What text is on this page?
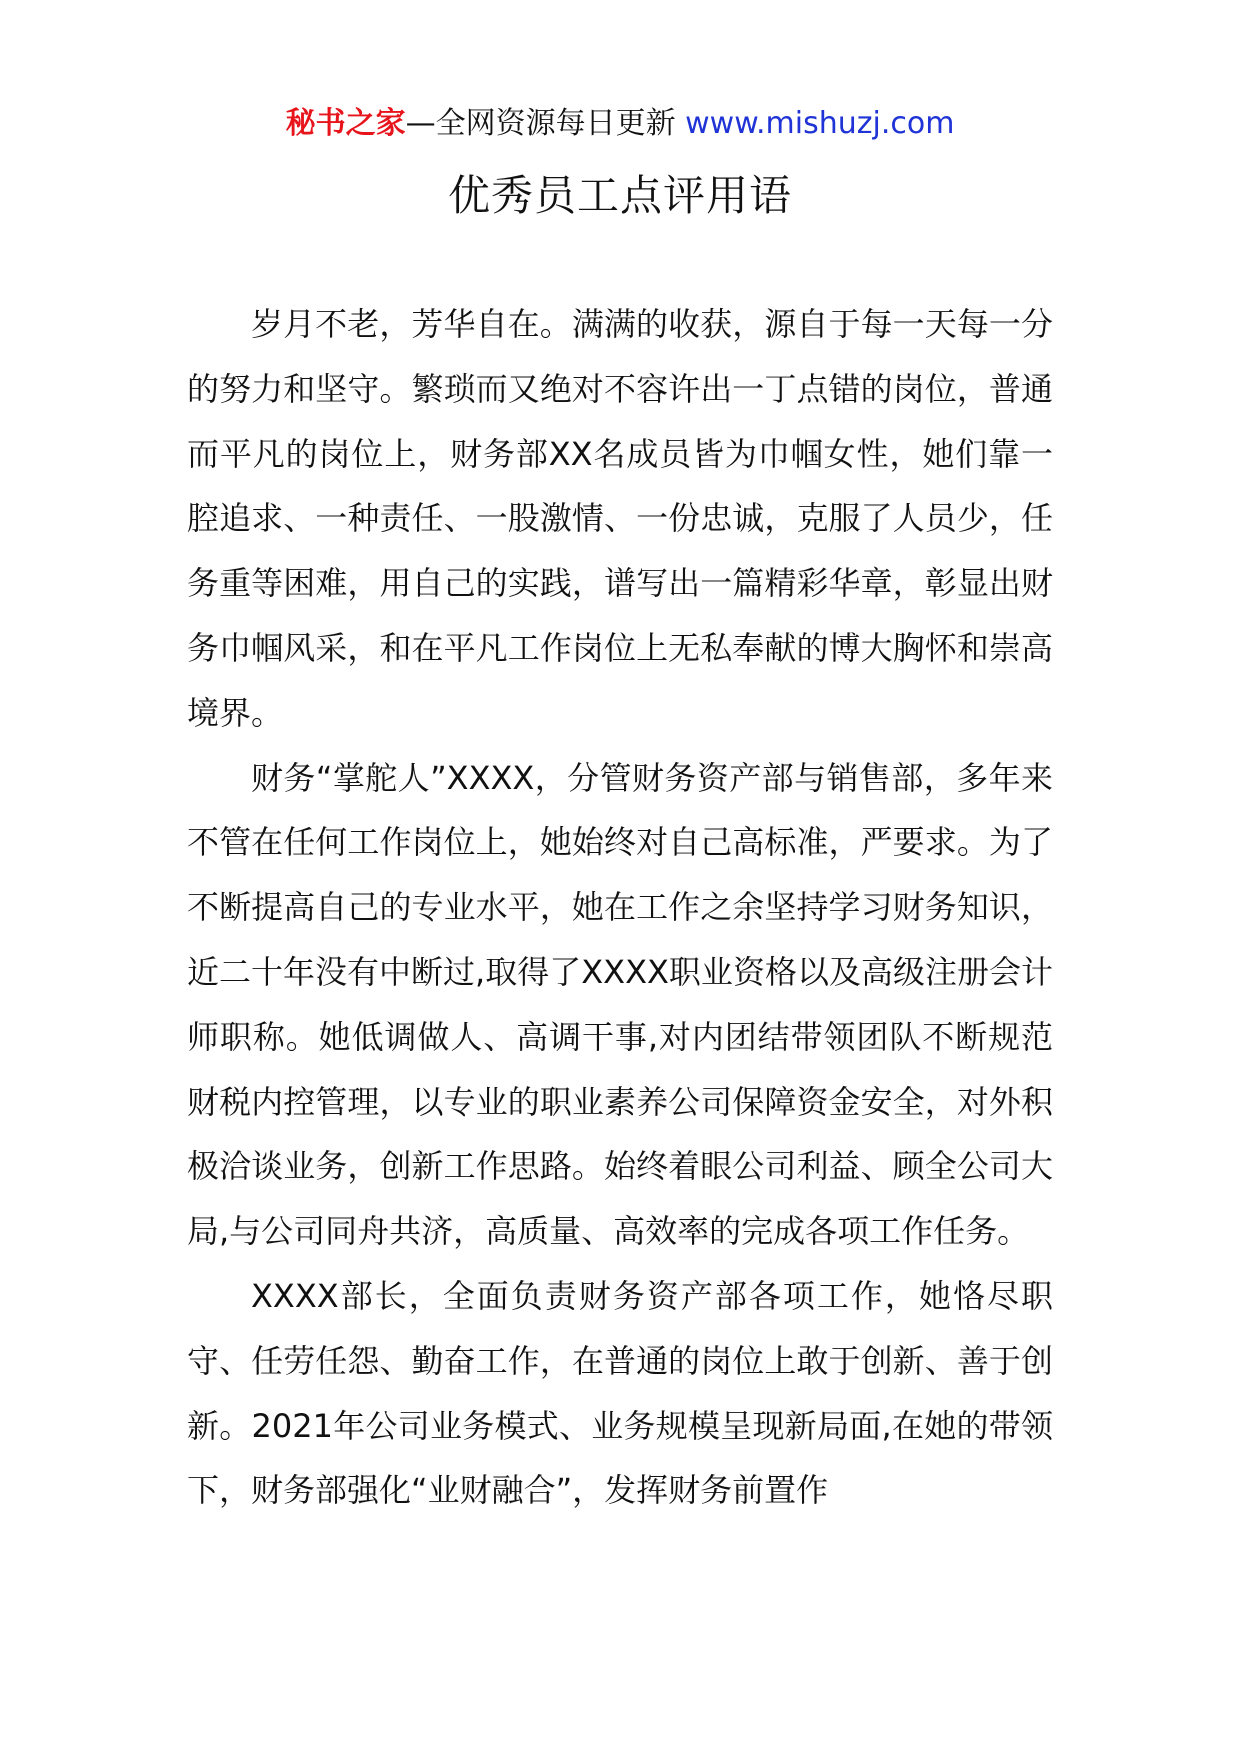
秘书之家—全网资源每日更新 www.mishuzj.com
优秀员工点评用语

岁月不老，芳华自在。满满的收获，源自于每一天每一分的努力和坚守。繁琐而又绝对不容许出一丁点错的岗位，普通而平凡的岗位上，财务部XX名成员皆为巾帼女性，她们靠一腔追求、一种责任、一股激情、一份忠诚，克服了人员少，任务重等困难，用自己的实践，谱写出一篇精彩华章，彰显出财务巾帼风采，和在平凡工作岗位上无私奉献的博大胸怀和崇高境界。

财务“掌舵人”XXXX，分管财务资产部与销售部，多年来不管在任何工作岗位上，她始终对自己高标准，严要求。为了不断提高自己的专业水平，她在工作之余坚持学习财务知识，近二十年没有中断过,取得了XXXX职业资格以及高级注册会计师职称。她低调做人、高调干事,对内团结带领团队不断规范财税内控管理，以专业的职业素养公司保障资金安全，对外积极洽谈业务，创新工作思路。始终着眼公司利益、顾全公司大局,与公司同舟共济，高质量、高效率的完成各项工作任务。

XXXX部长，全面负责财务资产部各项工作，她恪尽职守、任劳任怨、勤奋工作，在普通的岗位上敢于创新、善于创新。2021年公司业务模式、业务规模呈现新局面,在她的带领下，财务部强化“业财融合”，发挥财务前置作
